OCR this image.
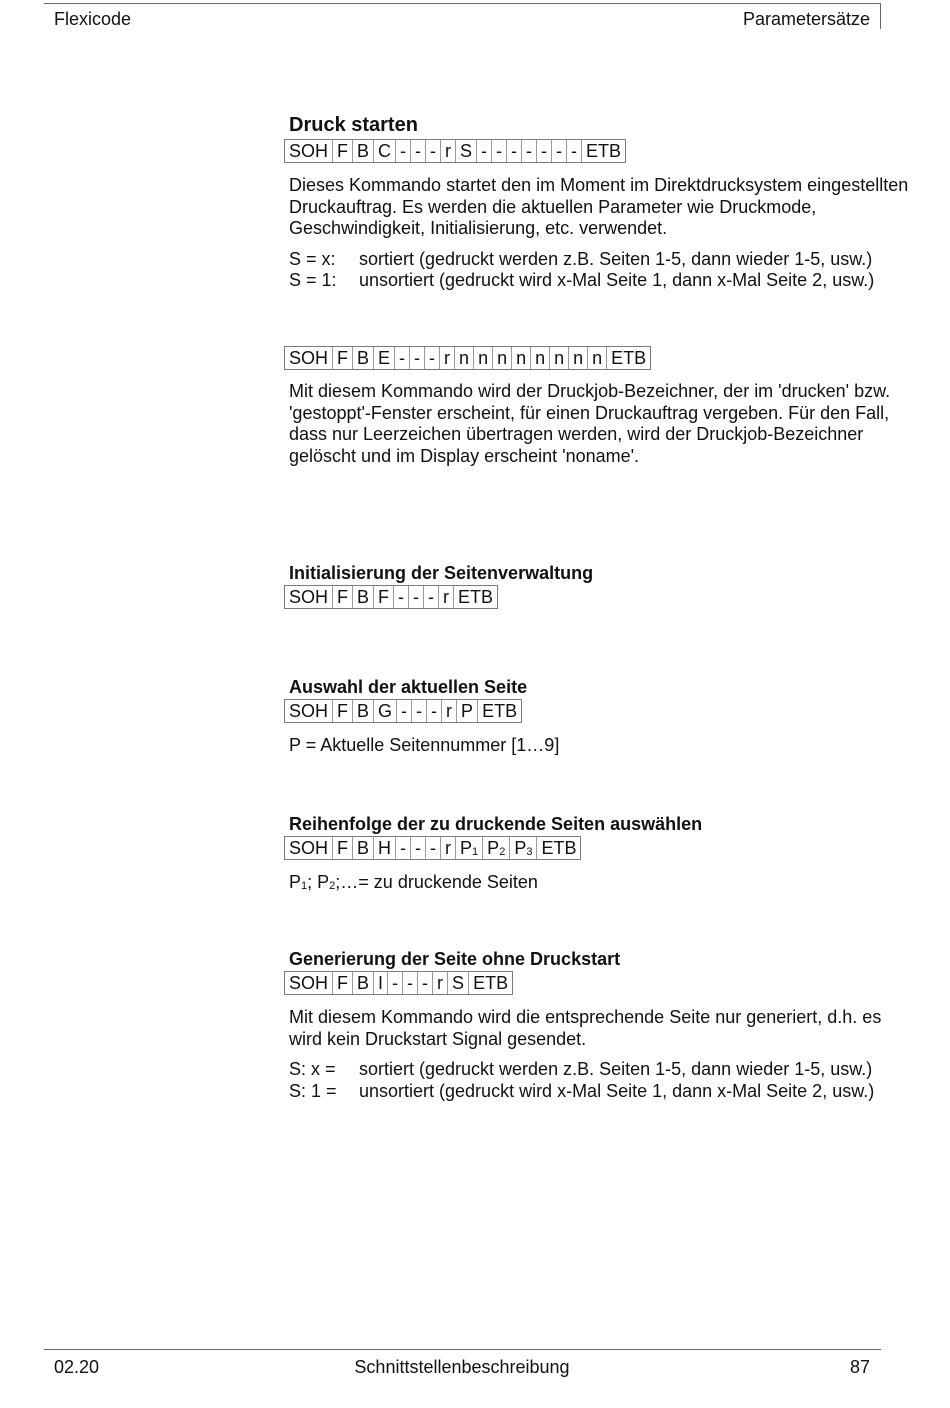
Flexicode	Parametersätze
Druck starten
SOH F B C - - - r S - - - - - - - ETB

Dieses Kommando startet den im Moment im Direktdrucksystem eingestellten Druckauftrag. Es werden die aktuellen Parameter wie Druckmode, Geschwindigkeit, Initialisierung, etc. verwendet.

S = x:	sortiert (gedruckt werden z.B. Seiten 1-5, dann wieder 1-5, usw.)
S = 1:	unsortiert (gedruckt wird x-Mal Seite 1, dann x-Mal Seite 2, usw.)
SOH F B E - - - r n n n n n n n n ETB

Mit diesem Kommando wird der Druckjob-Bezeichner, der im 'drucken' bzw. 'gestoppt'-Fenster erscheint, für einen Druckauftrag vergeben. Für den Fall, dass nur Leerzeichen übertragen werden, wird der Druckjob-Bezeichner gelöscht und im Display erscheint 'noname'.

Initialisierung der Seitenverwaltung
SOH F B F - - - r ETB
Auswahl der aktuellen Seite
SOH F B G - - - r P ETB

P = Aktuelle Seitennummer [1…9]

Reihenfolge der zu druckende Seiten auswählen
SOH F B H - - - r $P_1$ $P_2$ $P_3$ ETB

$P_1$; $P_2;\dots=$ zu druckende Seiten

Generierung der Seite ohne Druckstart
SOH F B I - - - r S ETB

Mit diesem Kommando wird die entsprechende Seite nur generiert, d.h. es wird kein Druckstart Signal gesendet.

S: x =	sortiert (gedruckt werden z.B. Seiten 1-5, dann wieder 1-5, usw.)
S: 1 =	unsortiert (gedruckt wird x-Mal Seite 1, dann x-Mal Seite 2, usw.)
02.20	Schnittstellenbeschreibung	87
